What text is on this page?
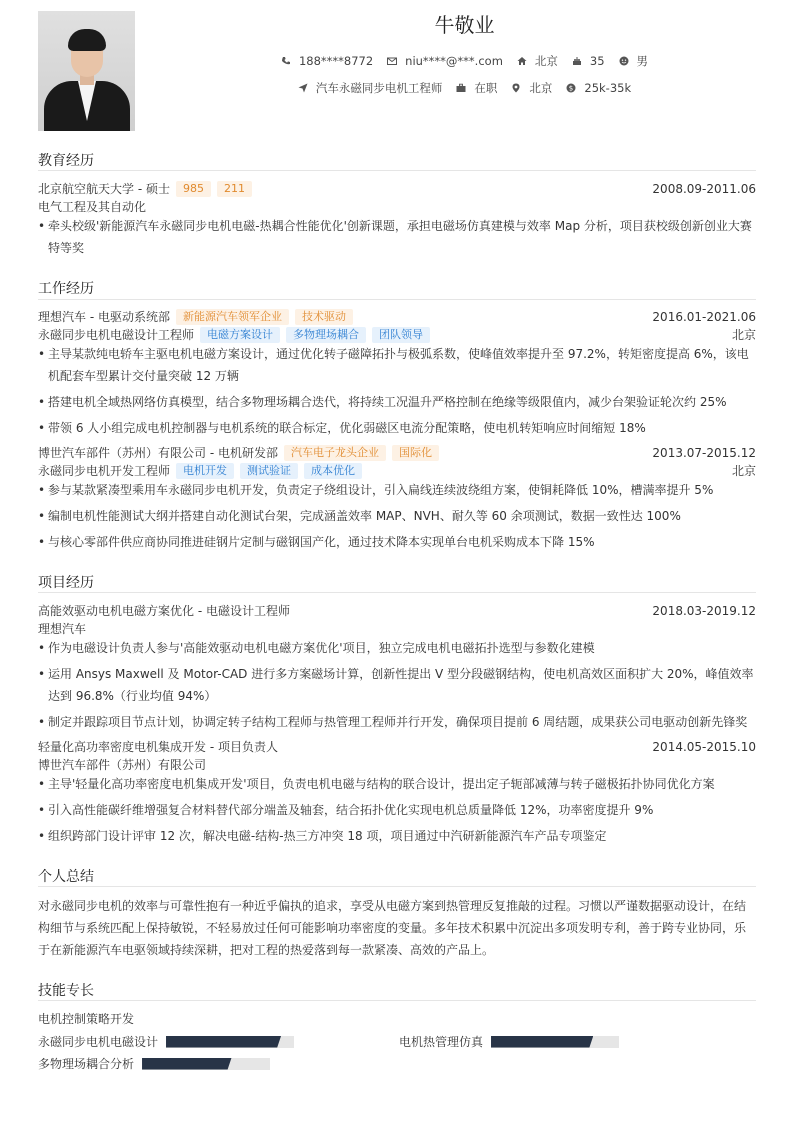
牛敬业
188****8772	niu****@***.com	北京	35	男
汽车永磁同步电机工程师	在职	北京 $ 25k-35k
教育经历
北京航空航天大学 - 硕士	985	211	2008.09-2011.06
电气工程及其自动化
• 牵头校级'新能源汽车永磁同步电机电磁-热耦合性能优化'创新课题，承担电磁场仿真建模与效率 Map 分析，项目获校级创新创业大赛特等奖
工作经历
理想汽车 - 电驱动系统部	新能源汽车领军企业	技术驱动	2016.01-2021.06
永磁同步电机电磁设计工程师	电磁方案设计	多物理场耦合	团队领导	北京
• 主导某款纯电轿车主驱电机电磁方案设计，通过优化转子磁障拓扑与极弧系数，使峰值效率提升至 97.2%，转矩密度提高 6%，该电机配套车型累计交付量突破 12 万辆
• 搭建电机全域热网络仿真模型，结合多物理场耦合迭代，将持续工况温升严格控制在绝缘等级限值内，减少台架验证轮次约 25%
• 带领 6 人小组完成电机控制器与电机系统的联合标定，优化弱磁区电流分配策略，使电机转矩响应时间缩短 18%
博世汽车部件（苏州）有限公司 - 电机研发部	汽车电子龙头企业	国际化	2013.07-2015.12
永磁同步电机开发工程师	电机开发	测试验证	成本优化	北京
• 参与某款紧凑型乘用车永磁同步电机开发，负责定子绕组设计，引入扁线连续波绕组方案，使铜耗降低 10%，槽满率提升 5%
• 编制电机性能测试大纲并搭建自动化测试台架，完成涵盖效率 MAP、NVH、耐久等 60 余项测试，数据一致性达 100%
• 与核心零部件供应商协同推进硅钢片定制与磁钢国产化，通过技术降本实现单台电机采购成本下降 15%
项目经历
高能效驱动电机电磁方案优化 - 电磁设计工程师	2018.03-2019.12
理想汽车
• 作为电磁设计负责人参与'高能效驱动电机电磁方案优化'项目，独立完成电机电磁拓扑选型与参数化建模
• 运用 Ansys Maxwell 及 Motor-CAD 进行多方案磁场计算，创新性提出 V 型分段磁钢结构，使电机高效区面积扩大 20%，峰值效率达到 96.8%（行业均值 94%）
• 制定并跟踪项目节点计划，协调定转子结构工程师与热管理工程师并行开发，确保项目提前 6 周结题，成果获公司电驱动创新先锋奖
轻量化高功率密度电机集成开发 - 项目负责人	2014.05-2015.10
博世汽车部件（苏州）有限公司
• 主导'轻量化高功率密度电机集成开发'项目，负责电机电磁与结构的联合设计，提出定子轭部减薄与转子磁极拓扑协同优化方案
• 引入高性能碳纤维增强复合材料替代部分端盖及轴套，结合拓扑优化实现电机总质量降低 12%，功率密度提升 9%
• 组织跨部门设计评审 12 次，解决电磁-结构-热三方冲突 18 项，项目通过中汽研新能源汽车产品专项鉴定
个人总结
对永磁同步电机的效率与可靠性抱有一种近乎偏执的追求，享受从电磁方案到热管理反复推敲的过程。习惯以严谨数据驱动设计，在结构细节与系统匹配上保持敏锐，不轻易放过任何可能影响功率密度的变量。多年技术积累中沉淀出多项发明专利，善于跨专业协同，乐于在新能源汽车电驱领域持续深耕，把对工程的热爱落到每一款紧凑、高效的产品上。
技能专长
电机控制策略开发
永磁同步电机电磁设计	电机热管理仿真
多物理场耦合分析
